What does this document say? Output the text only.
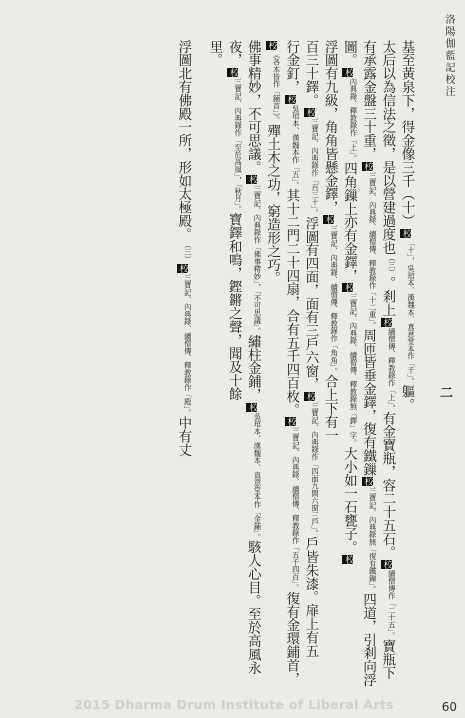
洛陽伽藍記校注
二

基至黃泉下，得金像三千（十）校「十」，吳琯本、漢魏本、真意堂本作「千」。軀。

太后以為信法之徵，是以營建過度也（三）。剎上校續僧傳、釋教錄作「上」，有金寶瓶，容二十五石。校續僧傳作「二十五」。寶瓶下有承露金盤三十重，校三寶記、內典錄、續僧傳、釋教錄作「十二重」。周匝皆垂金鐸，復有鐵鏁校三寶記、內典錄無「復有鐵鏁」。四道，引剎向浮圖。校內典錄、釋教錄作「上」。四角鏁上亦有金鐸，校三寶記、內典錄、續僧傳、釋教錄無「鐸」字。大小如一石甕子。校

浮圖有九級，角角皆懸金鐸，校三寶記、內典錄、續僧傳、釋教錄作「角角」。合上下有一

百三十鐸。校三寶記、內典錄作「百三十」。浮圖有四面，面有三戶六窗，校三寶記、內典錄作「四面九間六窗三戶」。戶皆朱漆。扉上有五

行金釘，校吳琯本、漢魏本作「五」。其十二門二十四扇，合有五千四百枚。校三寶記、內典錄、續僧傳、釋教錄作「五千四百」。復有金環鋪首，校《各本皆作「鋪首」》。殫土木之功，窮造形之巧。

佛事精妙，不可思議。校三寶記、內典錄作「佛事精妙」，「不可思議」。繡柱金鋪，校吳琯本、漢魏本、真意堂本作「金鋪」。駭人心目。至於高風永夜，校三寶記、內典錄作「至於高風」，「秋月」。寶鐸和鳴，鏗鏘之聲，聞及十餘

里。

浮圖北有佛殿一所，形如太極殿。（三）校三寶記、內典錄、續僧傳、釋教錄作「殿」。中有丈

2015 Dharma Drum Institute of Liberal Arts	60
